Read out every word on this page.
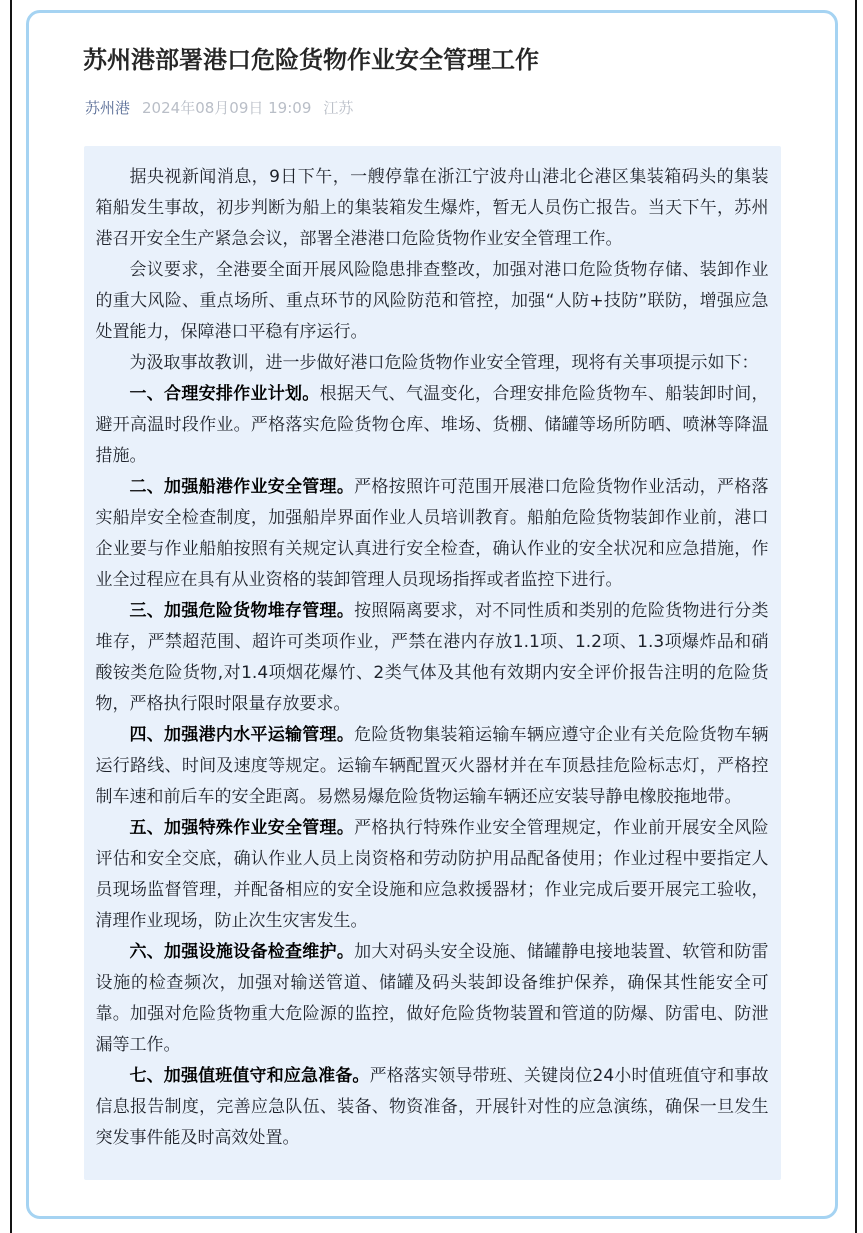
苏州港部署港口危险货物作业安全管理工作
苏州港 2024年08月09日 19:09 江苏

据央视新闻消息，9日下午，一艘停靠在浙江宁波舟山港北仑港区集装箱码头的集装箱船发生事故，初步判断为船上的集装箱发生爆炸，暂无人员伤亡报告。当天下午，苏州港召开安全生产紧急会议，部署全港港口危险货物作业安全管理工作。

会议要求，全港要全面开展风险隐患排查整改，加强对港口危险货物存储、装卸作业的重大风险、重点场所、重点环节的风险防范和管控，加强“人防+技防”联防，增强应急处置能力，保障港口平稳有序运行。

为汲取事故教训，进一步做好港口危险货物作业安全管理，现将有关事项提示如下：

一、合理安排作业计划。根据天气、气温变化，合理安排危险货物车、船装卸时间，避开高温时段作业。严格落实危险货物仓库、堆场、货棚、储罐等场所防晒、喷淋等降温措施。

二、加强船港作业安全管理。严格按照许可范围开展港口危险货物作业活动，严格落实船岸安全检查制度，加强船岸界面作业人员培训教育。船舶危险货物装卸作业前，港口企业要与作业船舶按照有关规定认真进行安全检查，确认作业的安全状况和应急措施，作业全过程应在具有从业资格的装卸管理人员现场指挥或者监控下进行。

三、加强危险货物堆存管理。按照隔离要求，对不同性质和类别的危险货物进行分类堆存，严禁超范围、超许可类项作业，严禁在港内存放1.1项、1.2项、1.3项爆炸品和硝酸铵类危险货物,对1.4项烟花爆竹、2类气体及其他有效期内安全评价报告注明的危险货物，严格执行限时限量存放要求。

四、加强港内水平运输管理。危险货物集装箱运输车辆应遵守企业有关危险货物车辆运行路线、时间及速度等规定。运输车辆配置灭火器材并在车顶悬挂危险标志灯，严格控制车速和前后车的安全距离。易燃易爆危险货物运输车辆还应安装导静电橡胶拖地带。

五、加强特殊作业安全管理。严格执行特殊作业安全管理规定，作业前开展安全风险评估和安全交底，确认作业人员上岗资格和劳动防护用品配备使用；作业过程中要指定人员现场监督管理，并配备相应的安全设施和应急救援器材；作业完成后要开展完工验收，清理作业现场，防止次生灾害发生。

六、加强设施设备检查维护。加大对码头安全设施、储罐静电接地装置、软管和防雷设施的检查频次，加强对输送管道、储罐及码头装卸设备维护保养，确保其性能安全可靠。加强对危险货物重大危险源的监控，做好危险货物装置和管道的防爆、防雷电、防泄漏等工作。

七、加强值班值守和应急准备。严格落实领导带班、关键岗位24小时值班值守和事故信息报告制度，完善应急队伍、装备、物资准备，开展针对性的应急演练，确保一旦发生突发事件能及时高效处置。
